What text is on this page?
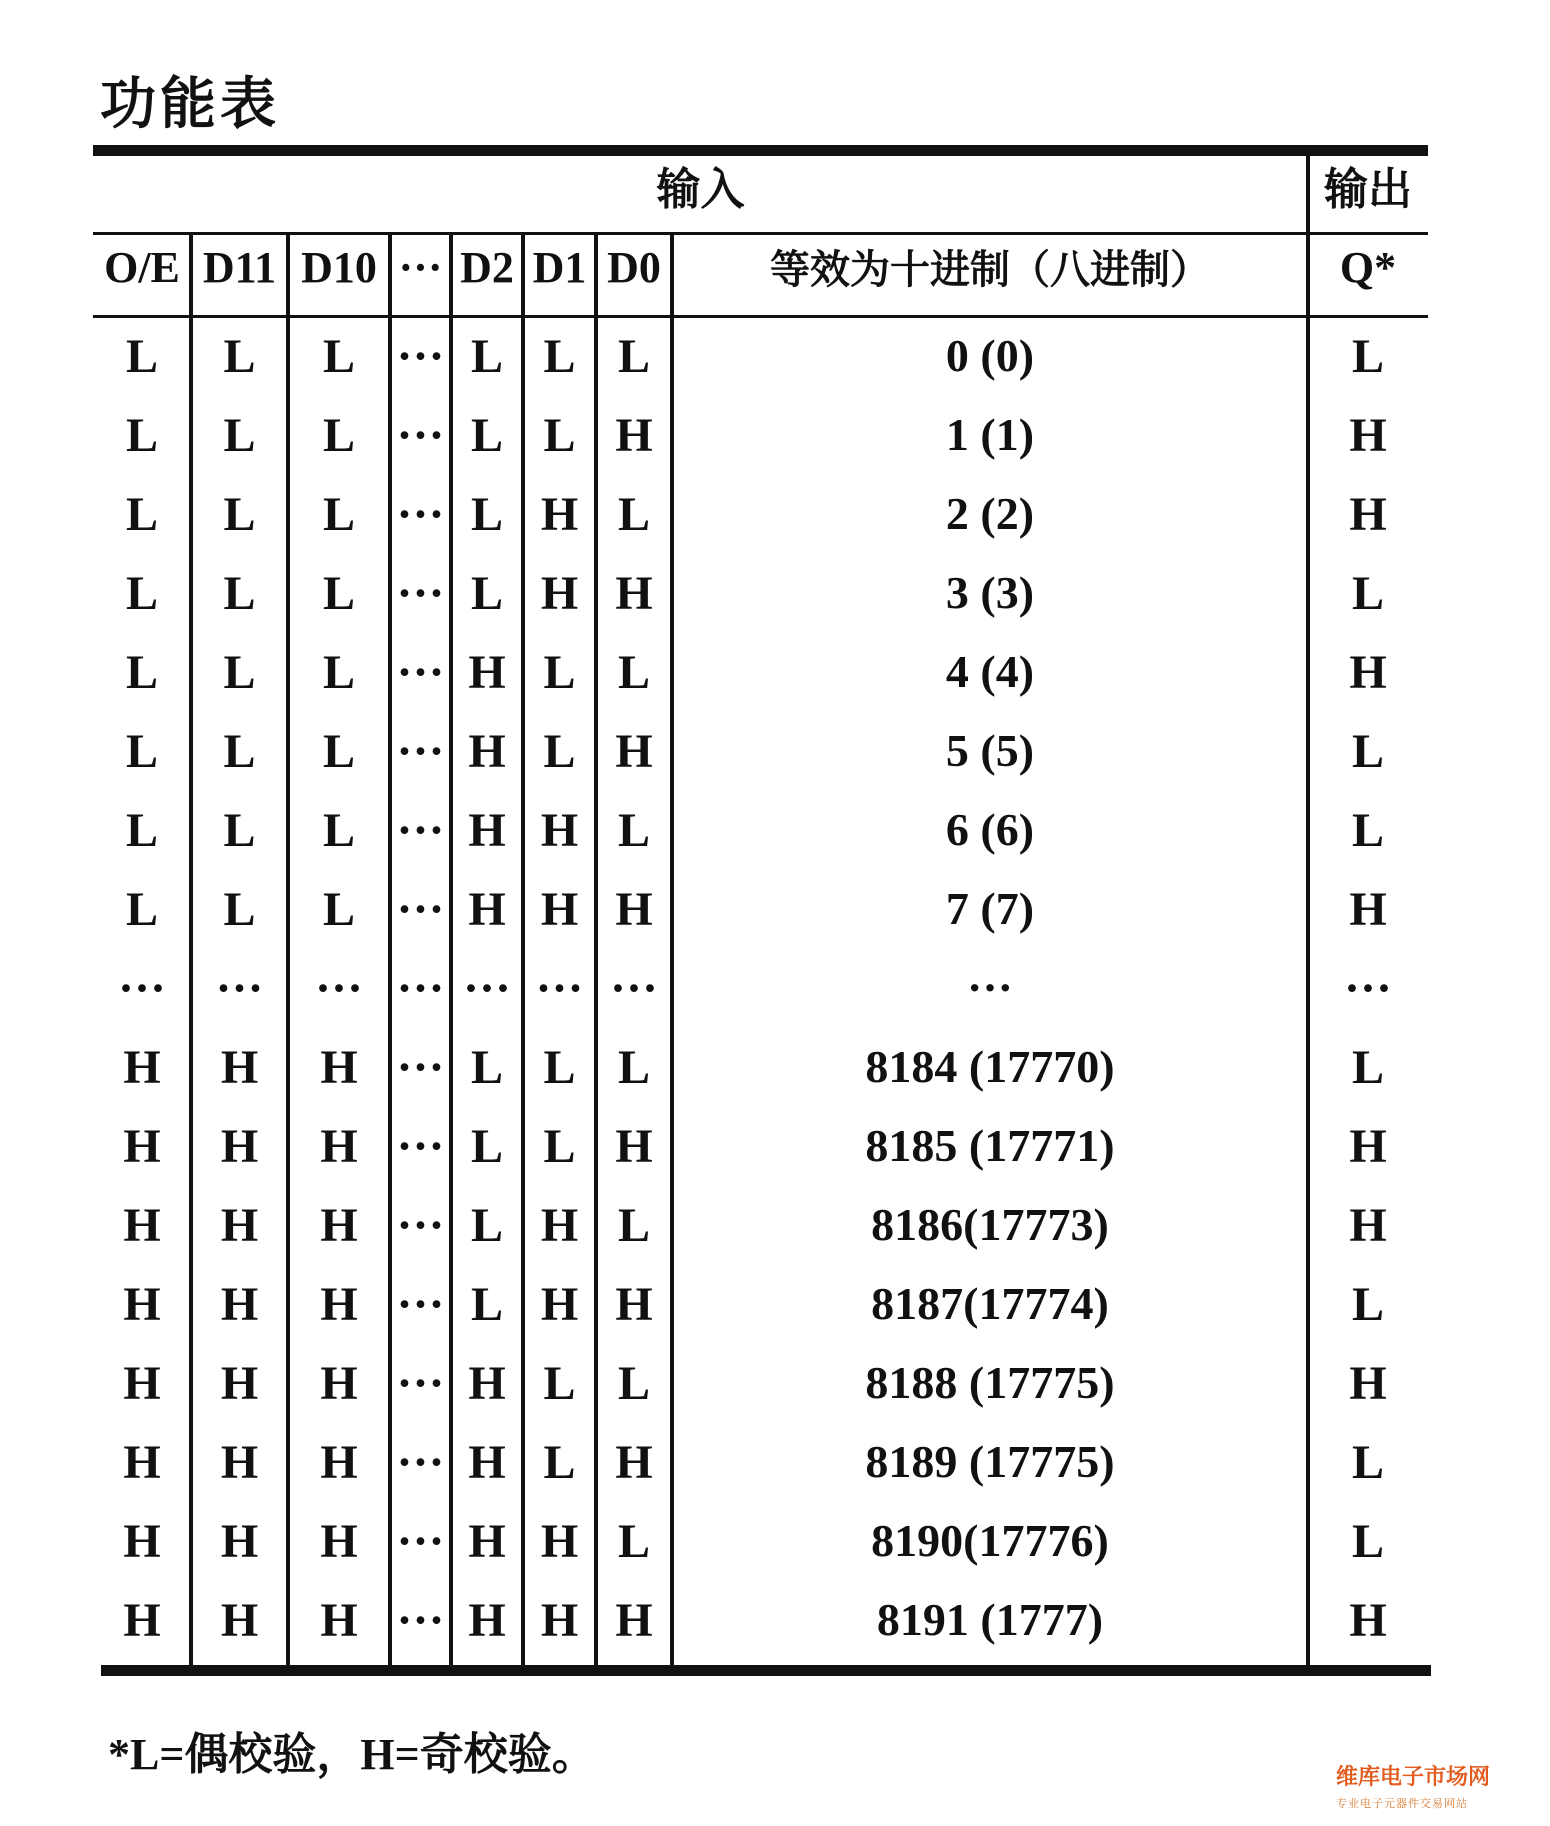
功能表
*L=偶校验，H=奇校验。	维库电子市场网
专业电子元器件交易网站
输入	输出
O/E D11 D10 ··· D2 D1 D0	等效为十进制（八进制）	Q*
L	L	L ··· L L L	0 (0)	L
L	L	L ··· L L H	1 (1)	H
L	L	L ··· L H L	2 (2)	H
L	L	L ··· L H H	3 (3)	L
L	L	L ··· H L L	4 (4)	H
L	L	L ··· H L H	5 (5)	L
L	L	L ··· H H L	6 (6)	L
L	L	L ··· H H H	7 (7)	H
···	···	··· ··· ··· ··· ···	···	···
H	H	H ··· L L L	8184 (17770)	L
H	H	H ··· L L H	8185 (17771)	H
H	H	H ··· L H L	8186(17773)	H
H	H	H ··· L H H	8187(17774)	L
H	H	H ··· H L L	8188 (17775)	H
H	H	H ··· H L H	8189 (17775)	L
H	H	H ··· H H L	8190(17776)	L
H	H	H ··· H H H	8191 (1777)	H
